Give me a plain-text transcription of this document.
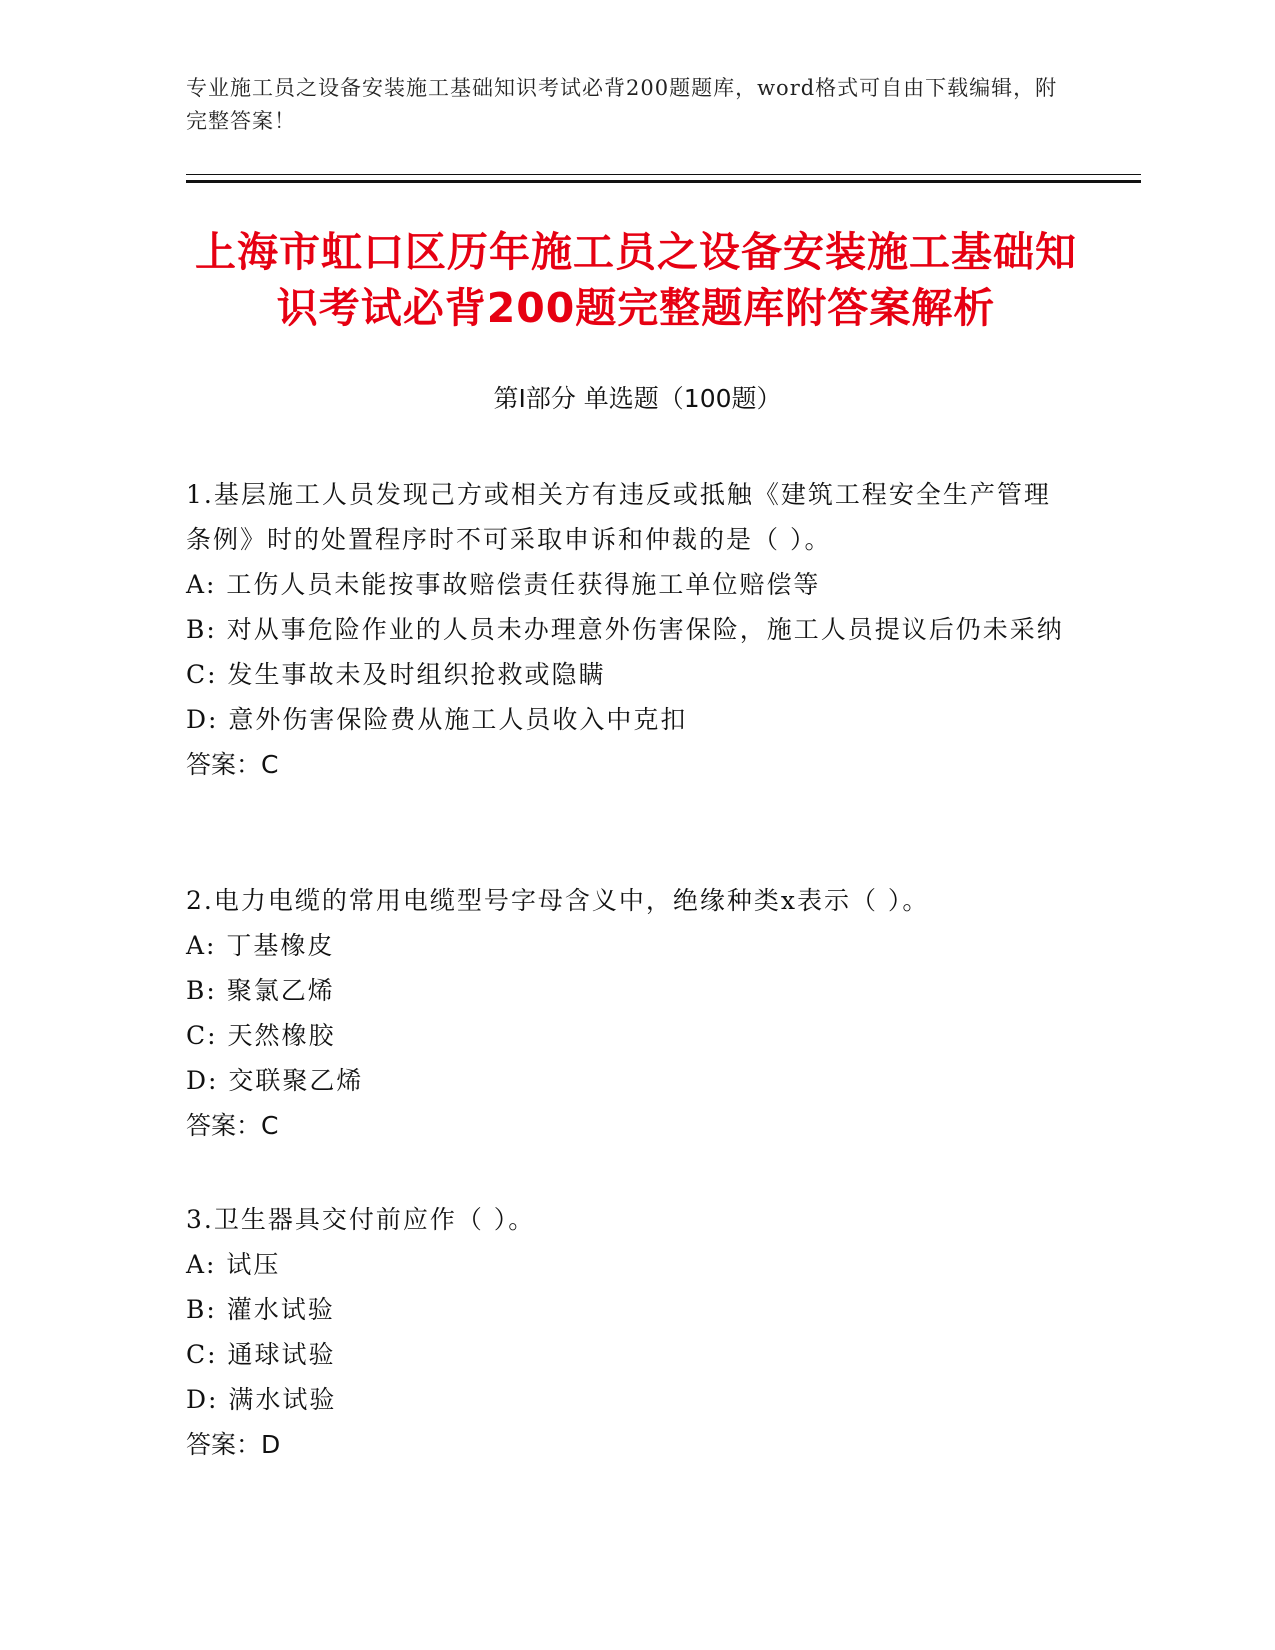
专业施工员之设备安装施工基础知识考试必背200题题库，word格式可自由下载编辑，附完整答案！
上海市虹口区历年施工员之设备安装施工基础知识考试必背200题完整题库附答案解析
第Ⅰ部分 单选题（100题）
1.基层施工人员发现己方或相关方有违反或抵触《建筑工程安全生产管理条例》时的处置程序时不可采取申诉和仲裁的是（ ）。
A: 工伤人员未能按事故赔偿责任获得施工单位赔偿等
B: 对从事危险作业的人员未办理意外伤害保险，施工人员提议后仍未采纳
C: 发生事故未及时组织抢救或隐瞒
D: 意外伤害保险费从施工人员收入中克扣
答案：C
2.电力电缆的常用电缆型号字母含义中，绝缘种类x表示（ ）。
A: 丁基橡皮
B: 聚氯乙烯
C: 天然橡胶
D: 交联聚乙烯
答案：C
3.卫生器具交付前应作（ ）。
A: 试压
B: 灌水试验
C: 通球试验
D: 满水试验
答案：D
